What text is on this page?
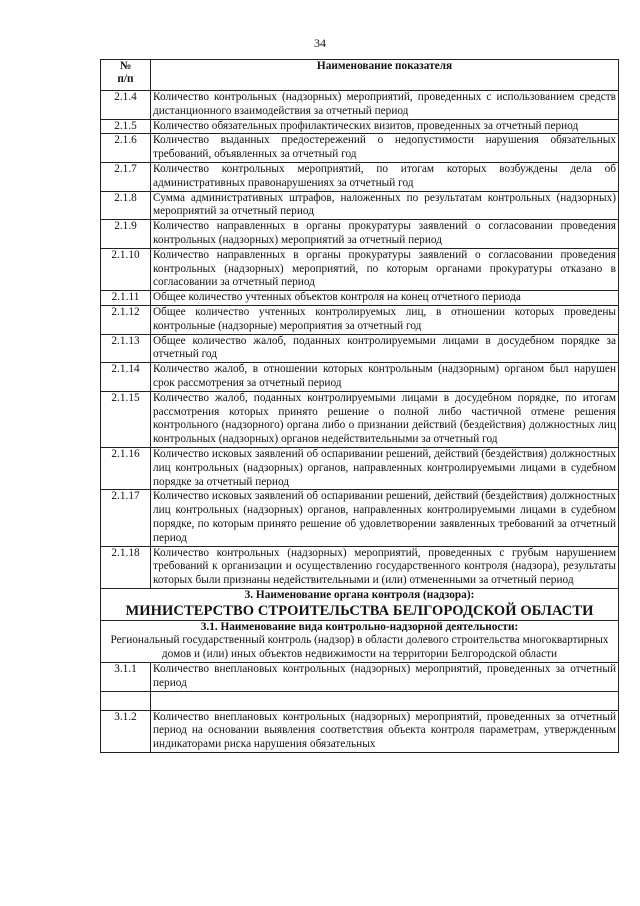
34
№
п/п	Наименование показателя
2.1.4	Количество контрольных (надзорных) мероприятий, проведенных с использованием средств дистанционного взаимодействия за отчетный период
2.1.5	Количество обязательных профилактических визитов, проведенных за отчетный период
2.1.6	Количество выданных предостережений о недопустимости нарушения обязательных требований, объявленных за отчетный год
2.1.7	Количество контрольных мероприятий, по итогам которых возбуждены дела об административных правонарушениях за отчетный год
2.1.8	Сумма административных штрафов, наложенных по результатам контрольных (надзорных) мероприятий за отчетный период
2.1.9	Количество направленных в органы прокуратуры заявлений о согласовании проведения контрольных (надзорных) мероприятий за отчетный период
2.1.10	Количество направленных в органы прокуратуры заявлений о согласовании проведения контрольных (надзорных) мероприятий, по которым органами прокуратуры отказано в согласовании за отчетный период
2.1.11	Общее количество учтенных объектов контроля на конец отчетного периода
2.1.12	Общее количество учтенных контролируемых лиц, в отношении которых проведены контрольные (надзорные) мероприятия за отчетный год
2.1.13	Общее количество жалоб, поданных контролируемыми лицами в досудебном порядке за отчетный год
2.1.14	Количество жалоб, в отношении которых контрольным (надзорным) органом был нарушен срок рассмотрения за отчетный период
2.1.15	Количество жалоб, поданных контролируемыми лицами в досудебном порядке, по итогам рассмотрения которых принято решение о полной либо частичной отмене решения контрольного (надзорного) органа либо о признании действий (бездействия) должностных лиц контрольных (надзорных) органов недействительными за отчетный год
2.1.16	Количество исковых заявлений об оспаривании решений, действий (бездействия) должностных лиц контрольных (надзорных) органов, направленных контролируемыми лицами в судебном порядке за отчетный период
2.1.17	Количество исковых заявлений об оспаривании решений, действий (бездействия) должностных лиц контрольных (надзорных) органов, направленных контролируемыми лицами в судебном порядке, по которым принято решение об удовлетворении заявленных требований за отчетный период
2.1.18	Количество контрольных (надзорных) мероприятий, проведенных с грубым нарушением требований к организации и осуществлению государственного контроля (надзора), результаты которых были признаны недействительными и (или) отмененными за отчетный период

3. Наименование органа контроля (надзора):
МИНИСТЕРСТВО СТРОИТЕЛЬСТВА БЕЛГОРОДСКОЙ ОБЛАСТИ	

3.1. Наименование вида контрольно-надзорной деятельности:
Региональный государственный контроль (надзор) в области долевого строительства многоквартирных домов и (или) иных объектов недвижимости на территории Белгородской области	

3.1.1	Количество внеплановых контрольных (надзорных) мероприятий, проведенных за отчетный период

3.1.2	Количество внеплановых контрольных (надзорных) мероприятий, проведенных за отчетный период на основании выявления соответствия объекта контроля параметрам, утвержденным индикаторами риска нарушения обязательных
